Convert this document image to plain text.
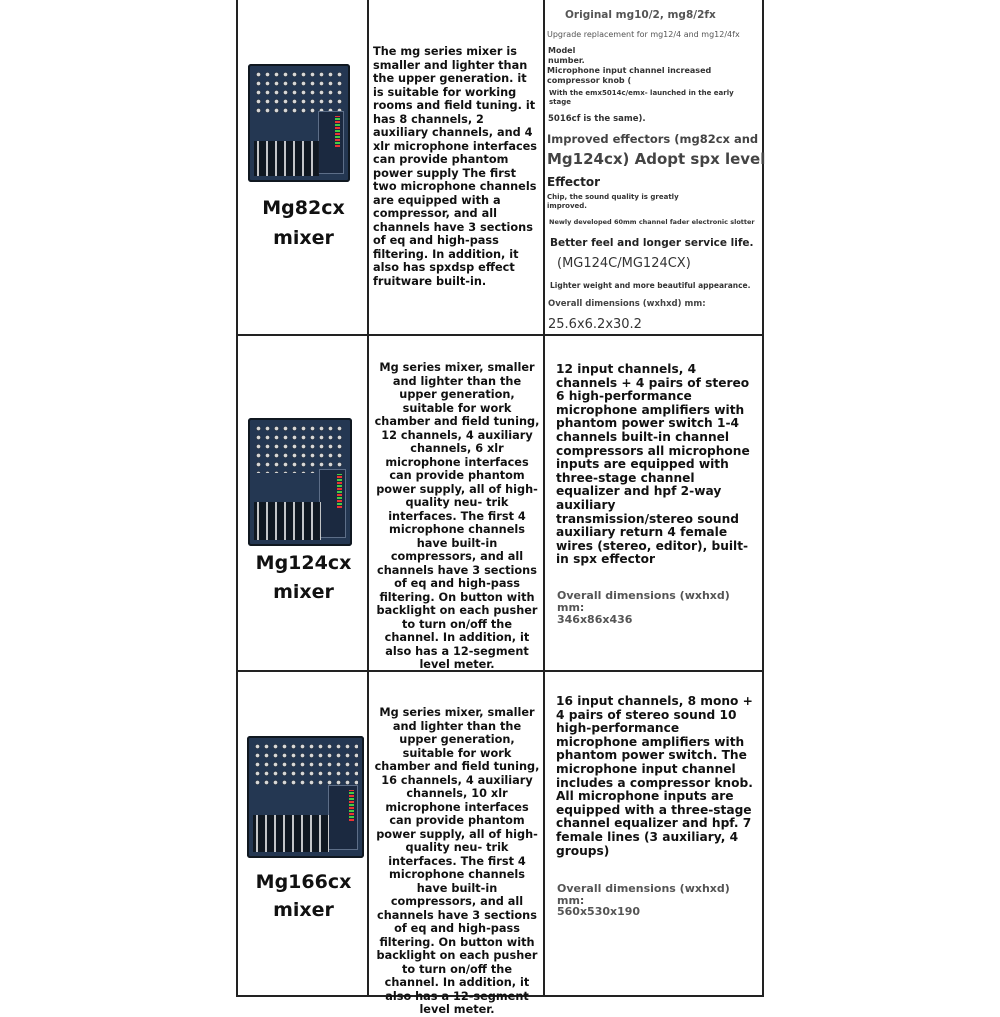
Mg82cx
mixer
The mg series mixer is smaller and lighter than the upper generation. it is suitable for working rooms and field tuning. it has 8 channels, 2 auxiliary channels, and 4 xlr microphone interfaces can provide phantom power supply The first two microphone channels are equipped with a compressor, and all channels have 3 sections of eq and high-pass filtering. In addition, it also has spxdsp effect fruitware built-in.
Original mg10/2, mg8/2fx
Upgrade replacement for mg12/4 and mg12/4fx
Model
number.
Microphone input channel increased compressor knob (
With the emx5014c/emx- launched in the early stage
5016cf is the same).
Improved effectors (mg82cx and
Mg124cx) Adopt spx level
Effector
Chip, the sound quality is greatly improved.
Newly developed 60mm channel fader electronic slotter
Better feel and longer service life.
(MG124C/MG124CX)
Lighter weight and more beautiful appearance.
Overall dimensions (wxhxd) mm:
25.6x6.2x30.2
Mg124cx
mixer
Mg series mixer, smaller and lighter than the upper generation, suitable for work chamber and field tuning, 12 channels, 4 auxiliary channels, 6 xlr microphone interfaces can provide phantom power supply, all of high-quality neu- trik interfaces. The first 4 microphone channels have built-in compressors, and all channels have 3 sections of eq and high-pass filtering. On button with backlight on each pusher to turn on/off the channel. In addition, it also has a 12-segment level meter.
12 input channels, 4 channels + 4 pairs of stereo 6 high-performance microphone amplifiers with phantom power switch 1-4 channels built-in channel compressors all microphone inputs are equipped with three-stage channel equalizer and hpf 2-way auxiliary transmission/stereo sound auxiliary return 4 female wires (stereo, editor), built-in spx effector
Overall dimensions (wxhxd) mm:
346x86x436
Mg166cx
mixer
Mg series mixer, smaller and lighter than the upper generation, suitable for work chamber and field tuning, 16 channels, 4 auxiliary channels, 10 xlr microphone interfaces can provide phantom power supply, all of high-quality neu- trik interfaces. The first 4 microphone channels have built-in compressors, and all channels have 3 sections of eq and high-pass filtering. On button with backlight on each pusher to turn on/off the channel. In addition, it also has a 12-segment level meter.
16 input channels, 8 mono + 4 pairs of stereo sound 10 high-performance microphone amplifiers with phantom power switch. The microphone input channel includes a compressor knob. All microphone inputs are equipped with a three-stage channel equalizer and hpf. 7 female lines (3 auxiliary, 4 groups)
Overall dimensions (wxhxd) mm:
560x530x190
